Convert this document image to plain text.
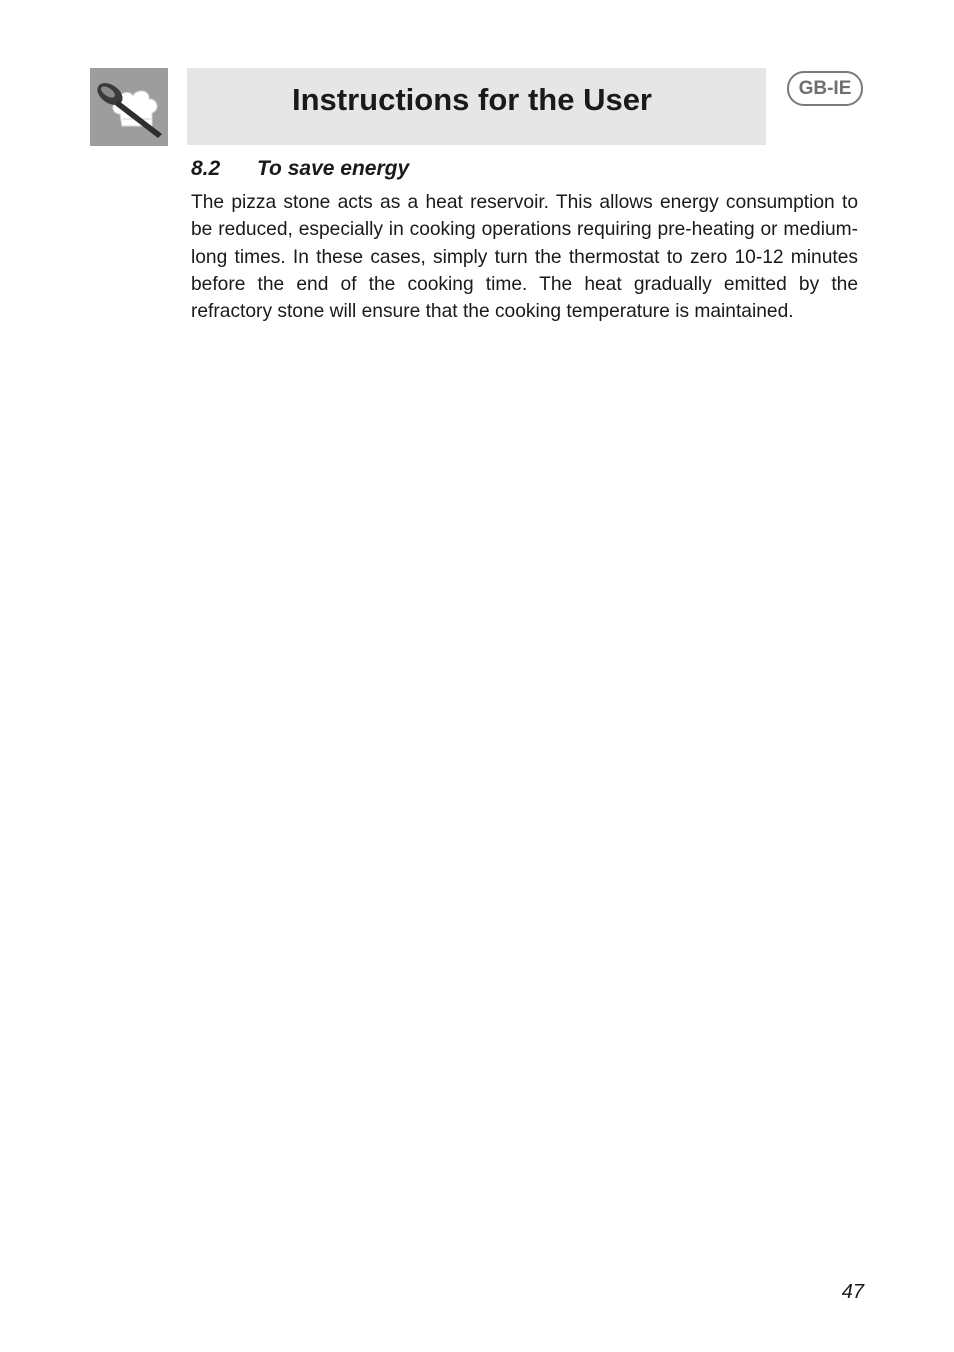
Instructions for the User	GB-IE
8.2 To save energy

The pizza stone acts as a heat reservoir. This allows energy consumption to be reduced, especially in cooking operations requiring pre-heating or medium-long times. In these cases, simply turn the thermostat to zero 10-12 minutes before the end of the cooking time. The heat gradually emitted by the refractory stone will ensure that the cooking temperature is maintained.

47
